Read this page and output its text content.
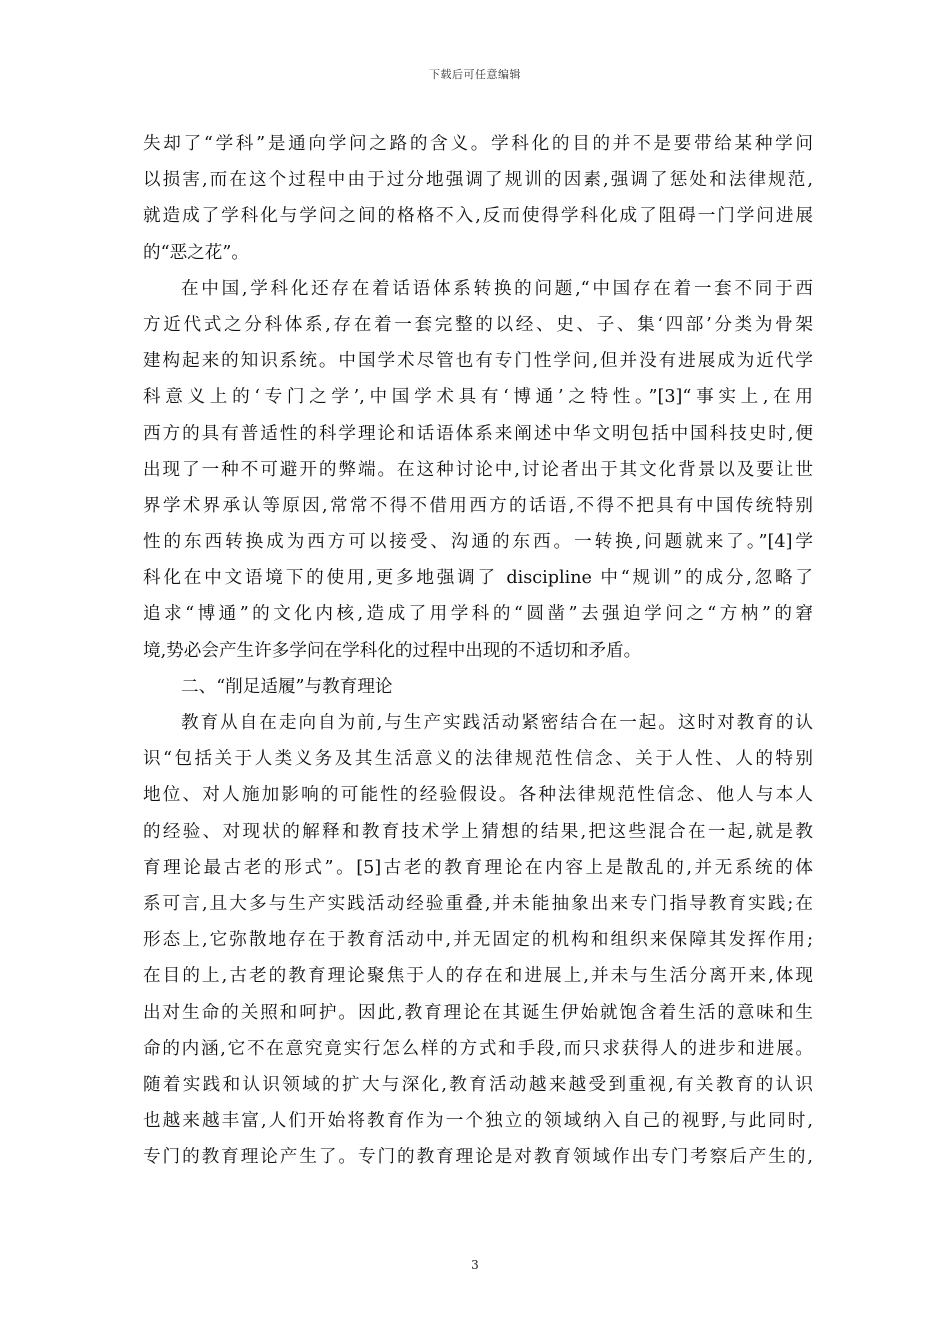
下载后可任意编辑
失却了“学科”是通向学问之路的含义。学科化的目的并不是要带给某种学问
以损害,而在这个过程中由于过分地强调了规训的因素,强调了惩处和法律规范,
就造成了学科化与学问之间的格格不入,反而使得学科化成了阻碍一门学问进展
的“恶之花”。
在中国,学科化还存在着话语体系转换的问题,“中国存在着一套不同于西
方近代式之分科体系,存在着一套完整的以经、史、子、集‘四部’分类为骨架
建构起来的知识系统。中国学术尽管也有专门性学问,但并没有进展成为近代学
科意义上的‘专门之学’,中国学术具有‘博通’之特性。”[3]“事实上,在用
西方的具有普适性的科学理论和话语体系来阐述中华文明包括中国科技史时,便
出现了一种不可避开的弊端。在这种讨论中,讨论者出于其文化背景以及要让世
界学术界承认等原因,常常不得不借用西方的话语,不得不把具有中国传统特别
性的东西转换成为西方可以接受、沟通的东西。一转换,问题就来了。”[4]学
科化在中文语境下的使用,更多地强调了 discipline 中“规训”的成分,忽略了
追求“博通”的文化内核,造成了用学科的“圆凿”去强迫学问之“方枘”的窘
境,势必会产生许多学问在学科化的过程中出现的不适切和矛盾。
二、“削足适履”与教育理论
教育从自在走向自为前,与生产实践活动紧密结合在一起。这时对教育的认
识“包括关于人类义务及其生活意义的法律规范性信念、关于人性、人的特别
地位、对人施加影响的可能性的经验假设。各种法律规范性信念、他人与本人
的经验、对现状的解释和教育技术学上猜想的结果,把这些混合在一起,就是教
育理论最古老的形式”。[5]古老的教育理论在内容上是散乱的,并无系统的体
系可言,且大多与生产实践活动经验重叠,并未能抽象出来专门指导教育实践;在
形态上,它弥散地存在于教育活动中,并无固定的机构和组织来保障其发挥作用;
在目的上,古老的教育理论聚焦于人的存在和进展上,并未与生活分离开来,体现
出对生命的关照和呵护。因此,教育理论在其诞生伊始就饱含着生活的意味和生
命的内涵,它不在意究竟实行怎么样的方式和手段,而只求获得人的进步和进展。
随着实践和认识领域的扩大与深化,教育活动越来越受到重视,有关教育的认识
也越来越丰富,人们开始将教育作为一个独立的领域纳入自己的视野,与此同时,
专门的教育理论产生了。专门的教育理论是对教育领域作出专门考察后产生的,
3
